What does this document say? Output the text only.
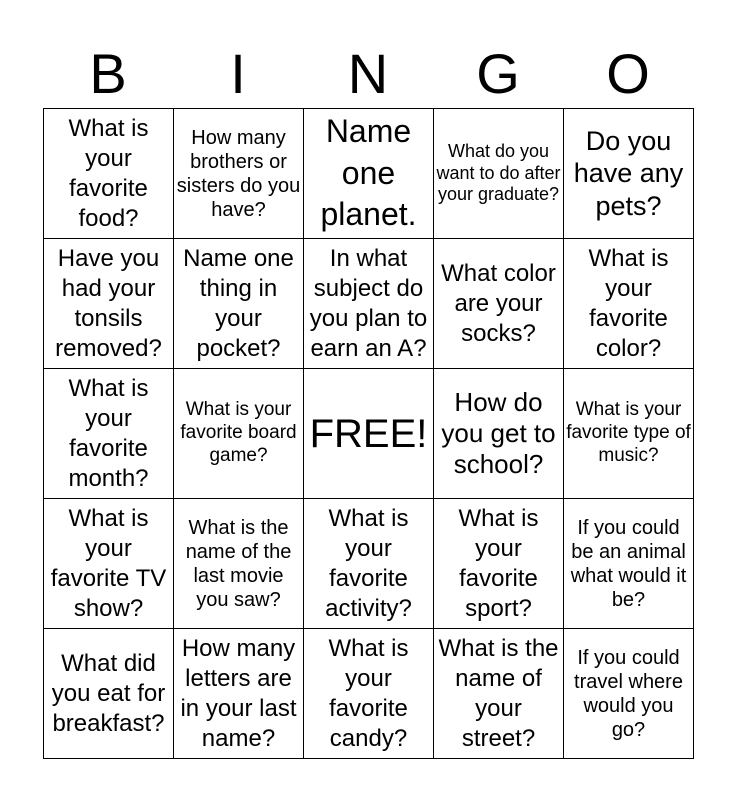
B	I	N	G	O
What is your favorite food?	How many brothers or sisters do you have?	Name one planet.	What do you want to do after your graduate?	Do you have any pets?
Have you had your tonsils removed?	Name one thing in your pocket?	In what subject do you plan to earn an A?	What color are your socks?	What is your favorite color?
What is your favorite month?	What is your favorite board game?	FREE!	How do you get to school?	What is your favorite type of music?
What is your favorite TV show?	What is the name of the last movie you saw?	What is your favorite activity?	What is your favorite sport?	If you could be an animal what would it be?
What did you eat for breakfast?	How many letters are in your last name?	What is your favorite candy?	What is the name of your street?	If you could travel where would you go?
